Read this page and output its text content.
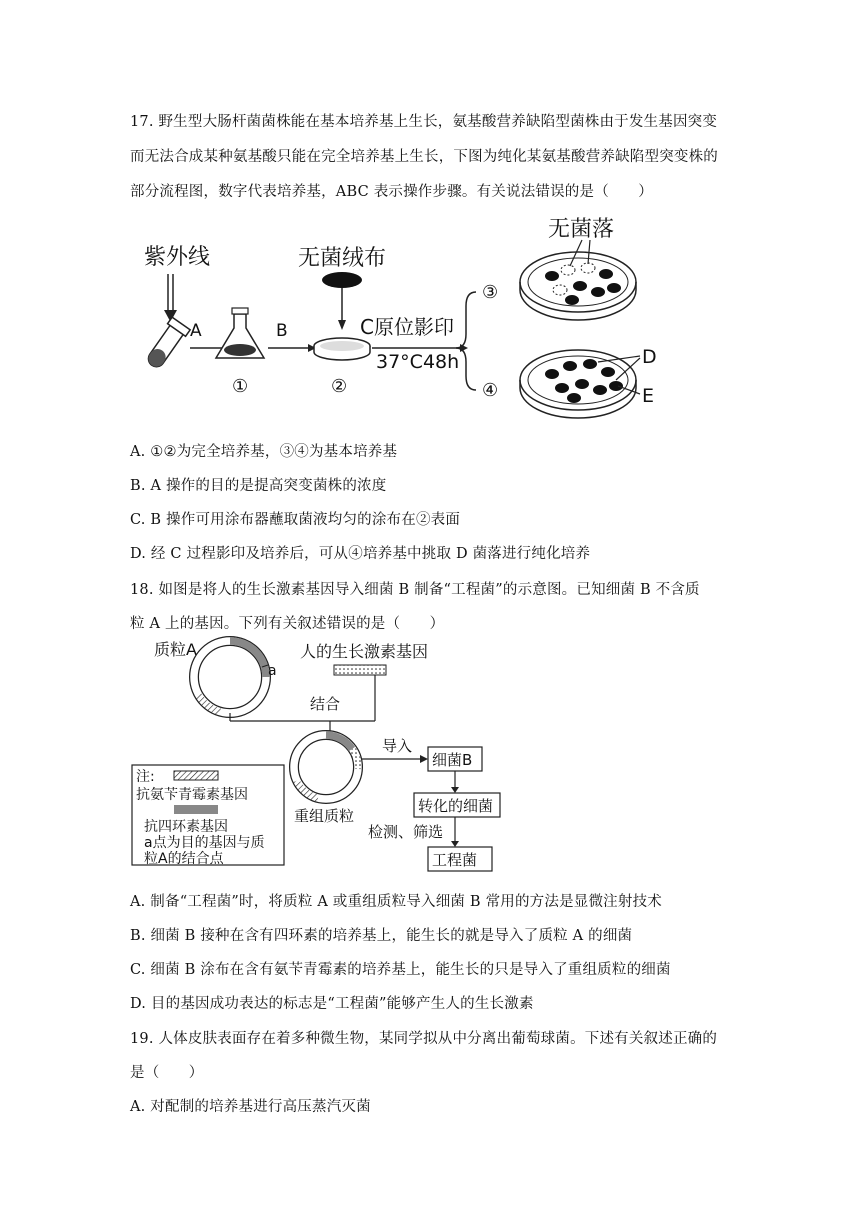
17. 野生型大肠杆菌菌株能在基本培养基上生长，氨基酸营养缺陷型菌株由于发生基因突变
而无法合成某种氨基酸只能在完全培养基上生长，下图为纯化某氨基酸营养缺陷型突变株的
部分流程图，数字代表培养基，ABC 表示操作步骤。有关说法错误的是（　　）
紫外线
A
①
B
无菌绒布
②
C原位影印
37°C48h
③
④
无菌落
D
E
A. ①②为完全培养基，③④为基本培养基
B. A 操作的目的是提高突变菌株的浓度
C. B 操作可用涂布器蘸取菌液均匀的涂布在②表面
D. 经 C 过程影印及培养后，可从④培养基中挑取 D 菌落进行纯化培养
18. 如图是将人的生长激素基因导入细菌 B 制备“工程菌”的示意图。已知细菌 B 不含质
粒 A 上的基因。下列有关叙述错误的是（　　）
质粒A
a
人的生长激素基因
结合
重组质粒
导入
细菌B
转化的细菌
检测、筛选
工程菌
注:
抗氨苄青霉素基因
抗四环素基因
a点为目的基因与质
粒A的结合点
A. 制备“工程菌”时，将质粒 A 或重组质粒导入细菌 B 常用的方法是显微注射技术
B. 细菌 B 接种在含有四环素的培养基上，能生长的就是导入了质粒 A 的细菌
C. 细菌 B 涂布在含有氨苄青霉素的培养基上，能生长的只是导入了重组质粒的细菌
D. 目的基因成功表达的标志是“工程菌”能够产生人的生长激素
19. 人体皮肤表面存在着多种微生物，某同学拟从中分离出葡萄球菌。下述有关叙述正确的
是（　　）
A. 对配制的培养基进行高压蒸汽灭菌
